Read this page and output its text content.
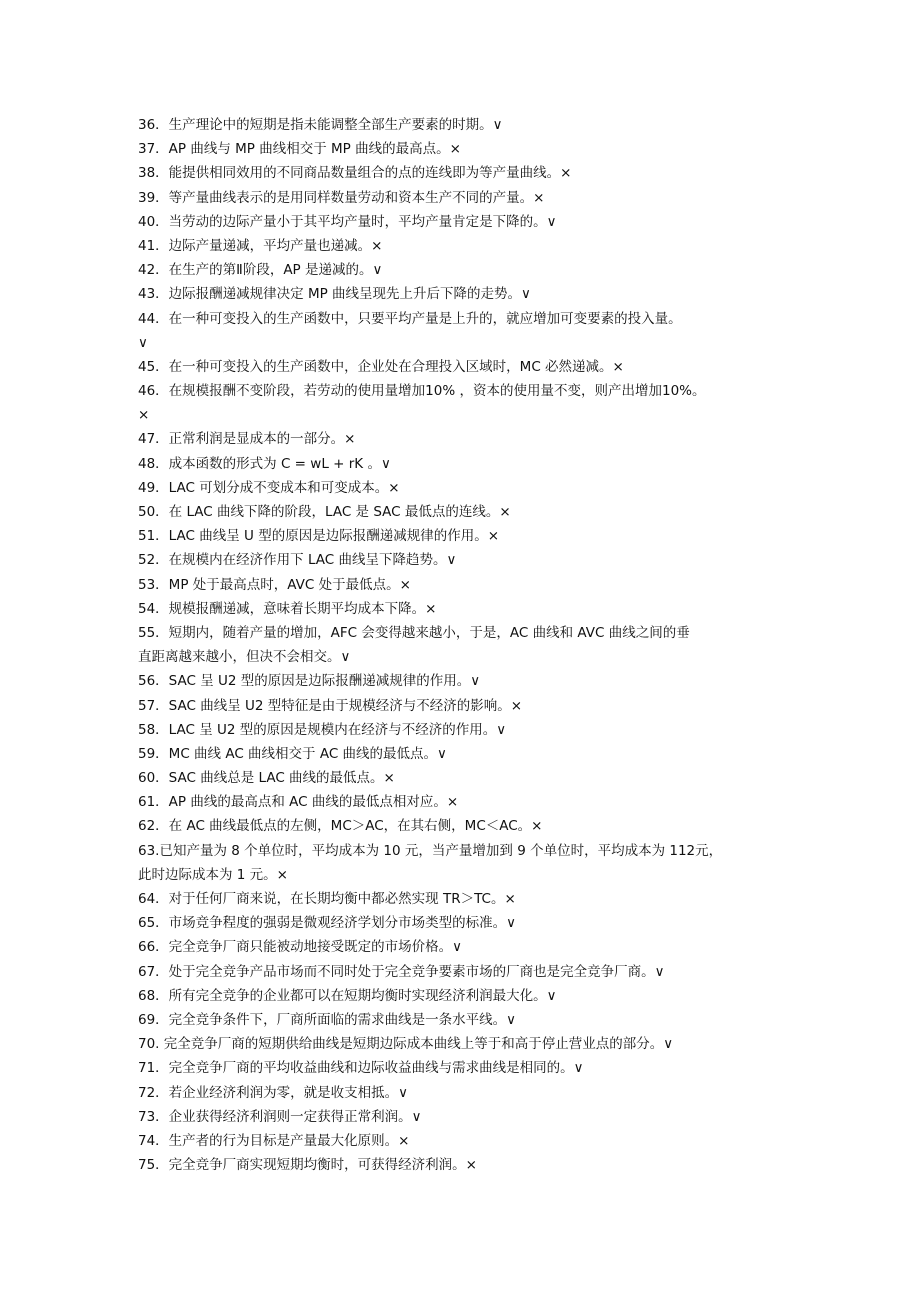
36．生产理论中的短期是指未能调整全部生产要素的时期。∨
37．AP 曲线与 MP 曲线相交于 MP 曲线的最高点。×
38．能提供相同效用的不同商品数量组合的点的连线即为等产量曲线。×
39．等产量曲线表示的是用同样数量劳动和资本生产不同的产量。×
40．当劳动的边际产量小于其平均产量时，平均产量肯定是下降的。∨
41．边际产量递减，平均产量也递减。×
42．在生产的第Ⅱ阶段，AP 是递减的。∨
43．边际报酬递减规律决定 MP 曲线呈现先上升后下降的走势。∨
44．在一种可变投入的生产函数中，只要平均产量是上升的，就应增加可变要素的投入量。
∨
45．在一种可变投入的生产函数中，企业处在合理投入区域时，MC 必然递减。×
46．在规模报酬不变阶段，若劳动的使用量增加10% ，资本的使用量不变，则产出增加10%。
×
47．正常利润是显成本的一部分。×
48．成本函数的形式为 C = wL + rK 。∨
49．LAC 可划分成不变成本和可变成本。×
50．在 LAC 曲线下降的阶段，LAC 是 SAC 最低点的连线。×
51．LAC 曲线呈 U 型的原因是边际报酬递减规律的作用。×
52．在规模内在经济作用下 LAC 曲线呈下降趋势。∨
53．MP 处于最高点时，AVC 处于最低点。×
54．规模报酬递减，意味着长期平均成本下降。×
55．短期内，随着产量的增加，AFC 会变得越来越小，于是，AC 曲线和 AVC 曲线之间的垂
直距离越来越小，但决不会相交。∨
56．SAC 呈 U2 型的原因是边际报酬递减规律的作用。∨
57．SAC 曲线呈 U2 型特征是由于规模经济与不经济的影响。×
58．LAC 呈 U2 型的原因是规模内在经济与不经济的作用。∨
59．MC 曲线 AC 曲线相交于 AC 曲线的最低点。∨
60．SAC 曲线总是 LAC 曲线的最低点。×
61．AP 曲线的最高点和 AC 曲线的最低点相对应。×
62．在 AC 曲线最低点的左侧，MC＞AC，在其右侧，MC＜AC。×
63.已知产量为 8 个单位时，平均成本为 10 元，当产量增加到 9 个单位时，平均成本为 112元，
此时边际成本为 1 元。×
64．对于任何厂商来说，在长期均衡中都必然实现 TR＞TC。×
65．市场竞争程度的强弱是微观经济学划分市场类型的标准。∨
66．完全竞争厂商只能被动地接受既定的市场价格。∨
67．处于完全竞争产品市场而不同时处于完全竞争要素市场的厂商也是完全竞争厂商。∨
68．所有完全竞争的企业都可以在短期均衡时实现经济利润最大化。∨
69．完全竞争条件下，厂商所面临的需求曲线是一条水平线。∨
70. 完全竞争厂商的短期供给曲线是短期边际成本曲线上等于和高于停止营业点的部分。∨
71．完全竞争厂商的平均收益曲线和边际收益曲线与需求曲线是相同的。∨
72．若企业经济利润为零，就是收支相抵。∨
73．企业获得经济利润则一定获得正常利润。∨
74．生产者的行为目标是产量最大化原则。×
75．完全竞争厂商实现短期均衡时，可获得经济利润。×
